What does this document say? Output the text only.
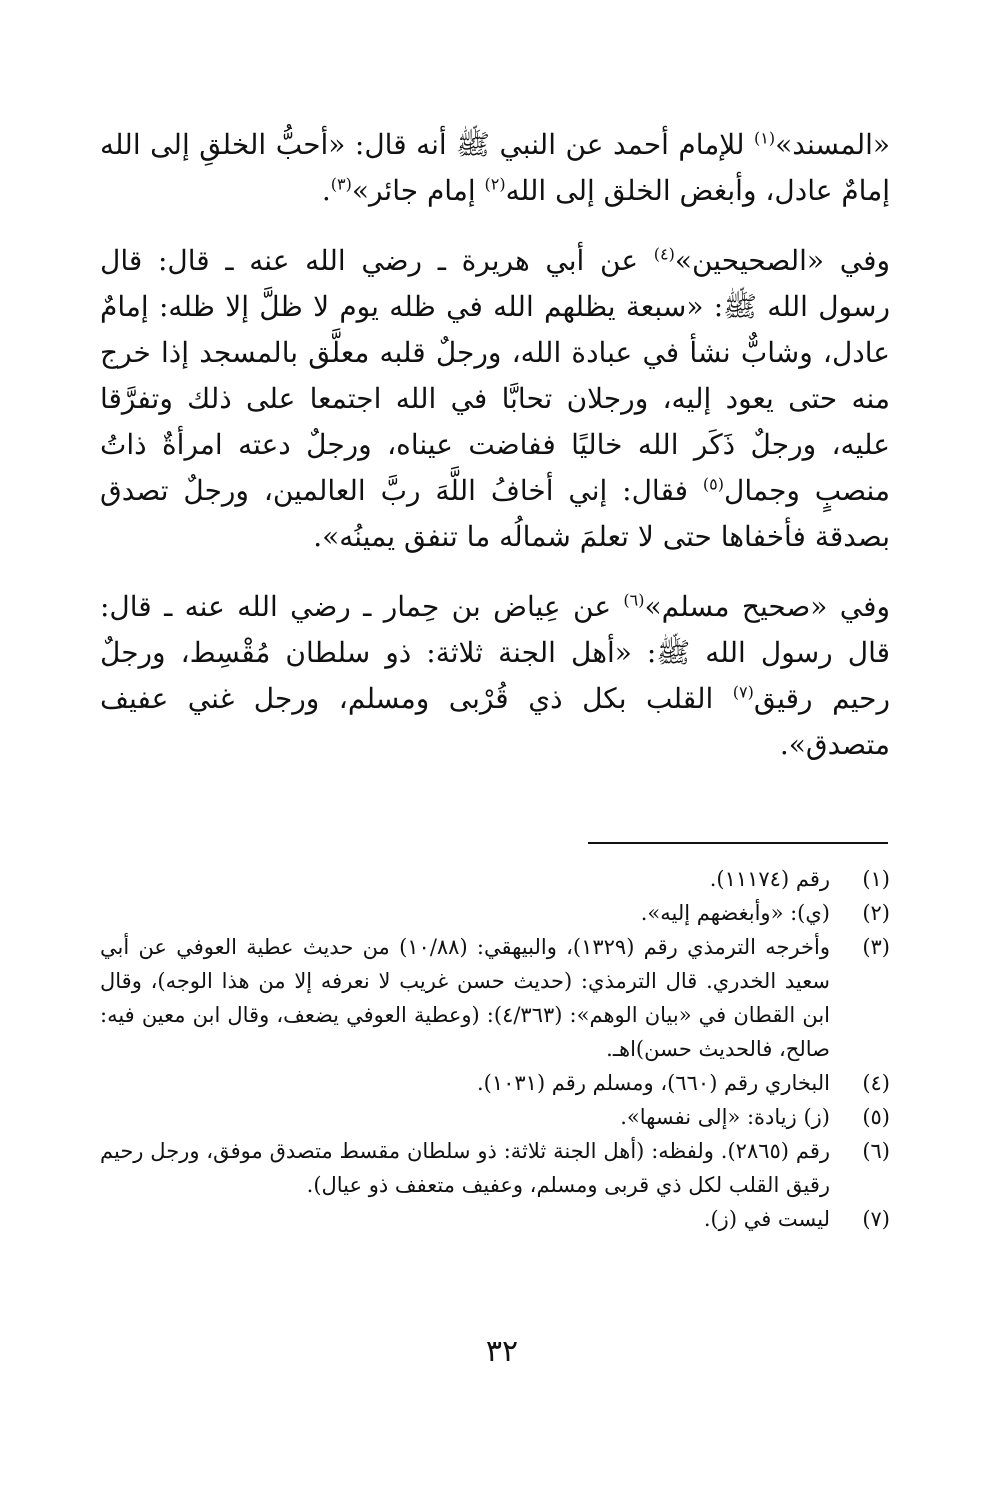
«المسند»$^{(١)}$ للإمام أحمد عن النبي ﷺ أنه قال: «أحبُّ الخلقِ إلى الله إمامٌ عادل، وأبغض الخلق إلى الله$^{(٢)}$ إمام جائر»$^{(٣)}$.

وفي «الصحيحين»$^{(٤)}$ عن أبي هريرة ـ رضي الله عنه ـ قال: قال رسول الله ﷺ: «سبعة يظلهم الله في ظله يوم لا ظلَّ إلا ظله: إمامٌ عادل، وشابٌّ نشأ في عبادة الله، ورجلٌ قلبه معلَّق بالمسجد إذا خرج منه حتى يعود إليه، ورجلان تحابَّا في الله اجتمعا على ذلك وتفرَّقا عليه، ورجلٌ ذَكَر الله خاليًا ففاضت عيناه، ورجلٌ دعته امرأةٌ ذاتُ منصبٍ وجمال$^{(٥)}$ فقال: إني أخافُ اللَّهَ ربَّ العالمين، ورجلٌ تصدق بصدقة فأخفاها حتى لا تعلمَ شمالُه ما تنفق يمينُه».

وفي «صحيح مسلم»$^{(٦)}$ عن عِياض بن حِمار ـ رضي الله عنه ـ قال: قال رسول الله ﷺ: «أهل الجنة ثلاثة: ذو سلطان مُقْسِط، ورجلٌ رحيم رقيق$^{(٧)}$ القلب بكل ذي قُرْبى ومسلم، ورجل غني عفيف متصدق».

(١)
رقم (١١١٧٤).
(٢)
(ي): «وأبغضهم إليه».
(٣)
وأخرجه الترمذي رقم (١٣٢٩)، والبيهقي: (١٠/٨٨) من حديث عطية العوفي عن أبي سعيد الخدري. قال الترمذي: (حديث حسن غريب لا نعرفه إلا من هذا الوجه)، وقال ابن القطان في «بيان الوهم»: (٤/٣٦٣): (وعطية العوفي يضعف، وقال ابن معين فيه: صالح، فالحديث حسن)اهـ.
(٤)
البخاري رقم (٦٦٠)، ومسلم رقم (١٠٣١).
(٥)
(ز) زيادة: «إلى نفسها».
(٦)
رقم (٢٨٦٥). ولفظه: (أهل الجنة ثلاثة: ذو سلطان مقسط متصدق موفق، ورجل رحيم رقيق القلب لكل ذي قربى ومسلم، وعفيف متعفف ذو عيال).
(٧)
ليست في (ز).
٣٢
